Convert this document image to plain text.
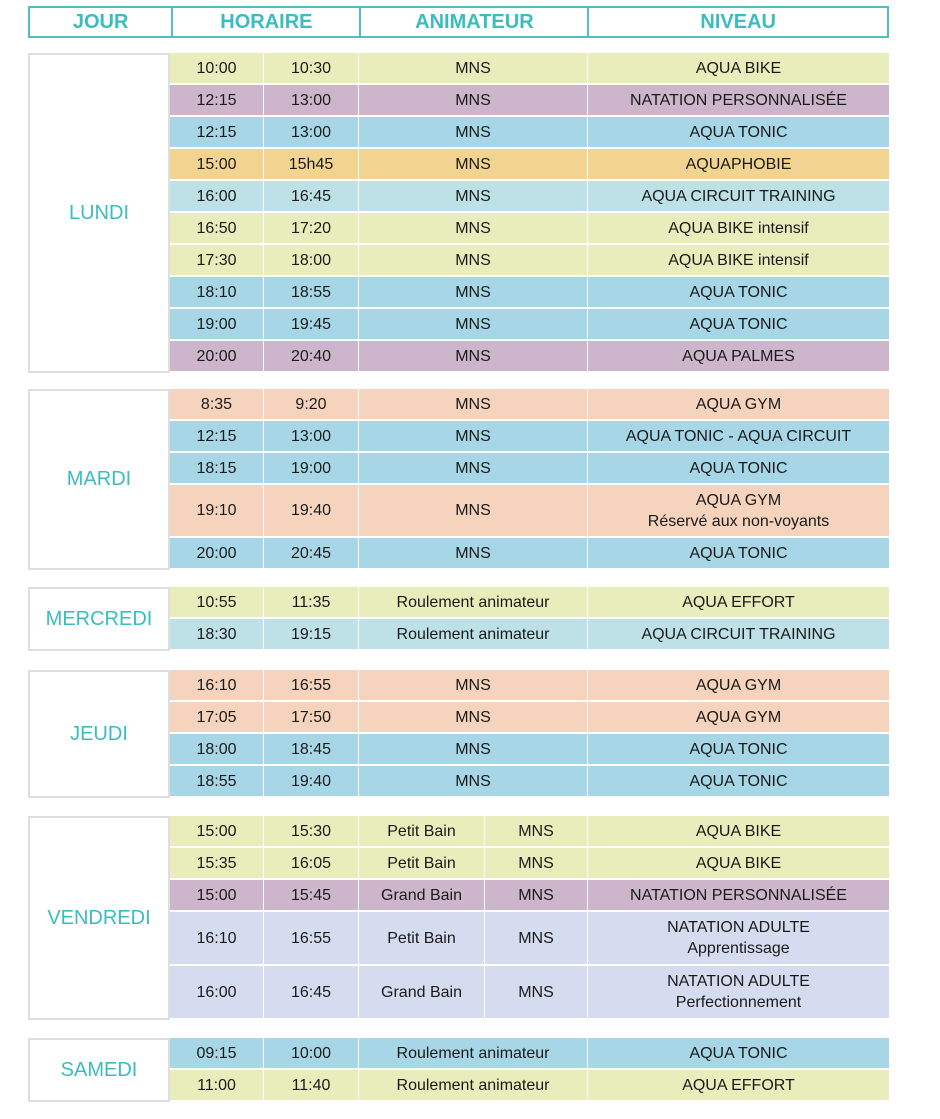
JOUR	HORAIRE	ANIMATEUR	NIVEAU
LUNDI
10:00	10:30	MNS	AQUA BIKE
12:15	13:00	MNS	NATATION PERSONNALISÉE
12:15	13:00	MNS	AQUA TONIC
15:00	15h45	MNS	AQUAPHOBIE
16:00	16:45	MNS	AQUA CIRCUIT TRAINING
16:50	17:20	MNS	AQUA BIKE intensif
17:30	18:00	MNS	AQUA BIKE intensif
18:10	18:55	MNS	AQUA TONIC
19:00	19:45	MNS	AQUA TONIC
20:00	20:40	MNS	AQUA PALMES
MARDI
8:35	9:20	MNS	AQUA GYM
12:15	13:00	MNS	AQUA TONIC - AQUA CIRCUIT
18:15	19:00	MNS	AQUA TONIC
19:10	19:40	MNS
AQUA GYM
Réservé aux non-voyants
20:00	20:45	MNS	AQUA TONIC
MERCREDI
10:55	11:35	Roulement animateur	AQUA EFFORT
18:30	19:15	Roulement animateur	AQUA CIRCUIT TRAINING
JEUDI
16:10	16:55	MNS	AQUA GYM
17:05	17:50	MNS	AQUA GYM
18:00	18:45	MNS	AQUA TONIC
18:55	19:40	MNS	AQUA TONIC
VENDREDI
15:00	15:30	Petit Bain	MNS	AQUA BIKE
15:35	16:05	Petit Bain	MNS	AQUA BIKE
15:00	15:45	Grand Bain	MNS	NATATION PERSONNALISÉE
16:10	16:55	Petit Bain	MNS
NATATION ADULTE
Apprentissage
16:00	16:45	Grand Bain	MNS
NATATION ADULTE
Perfectionnement
SAMEDI
09:15	10:00	Roulement animateur	AQUA TONIC
11:00	11:40	Roulement animateur	AQUA EFFORT
